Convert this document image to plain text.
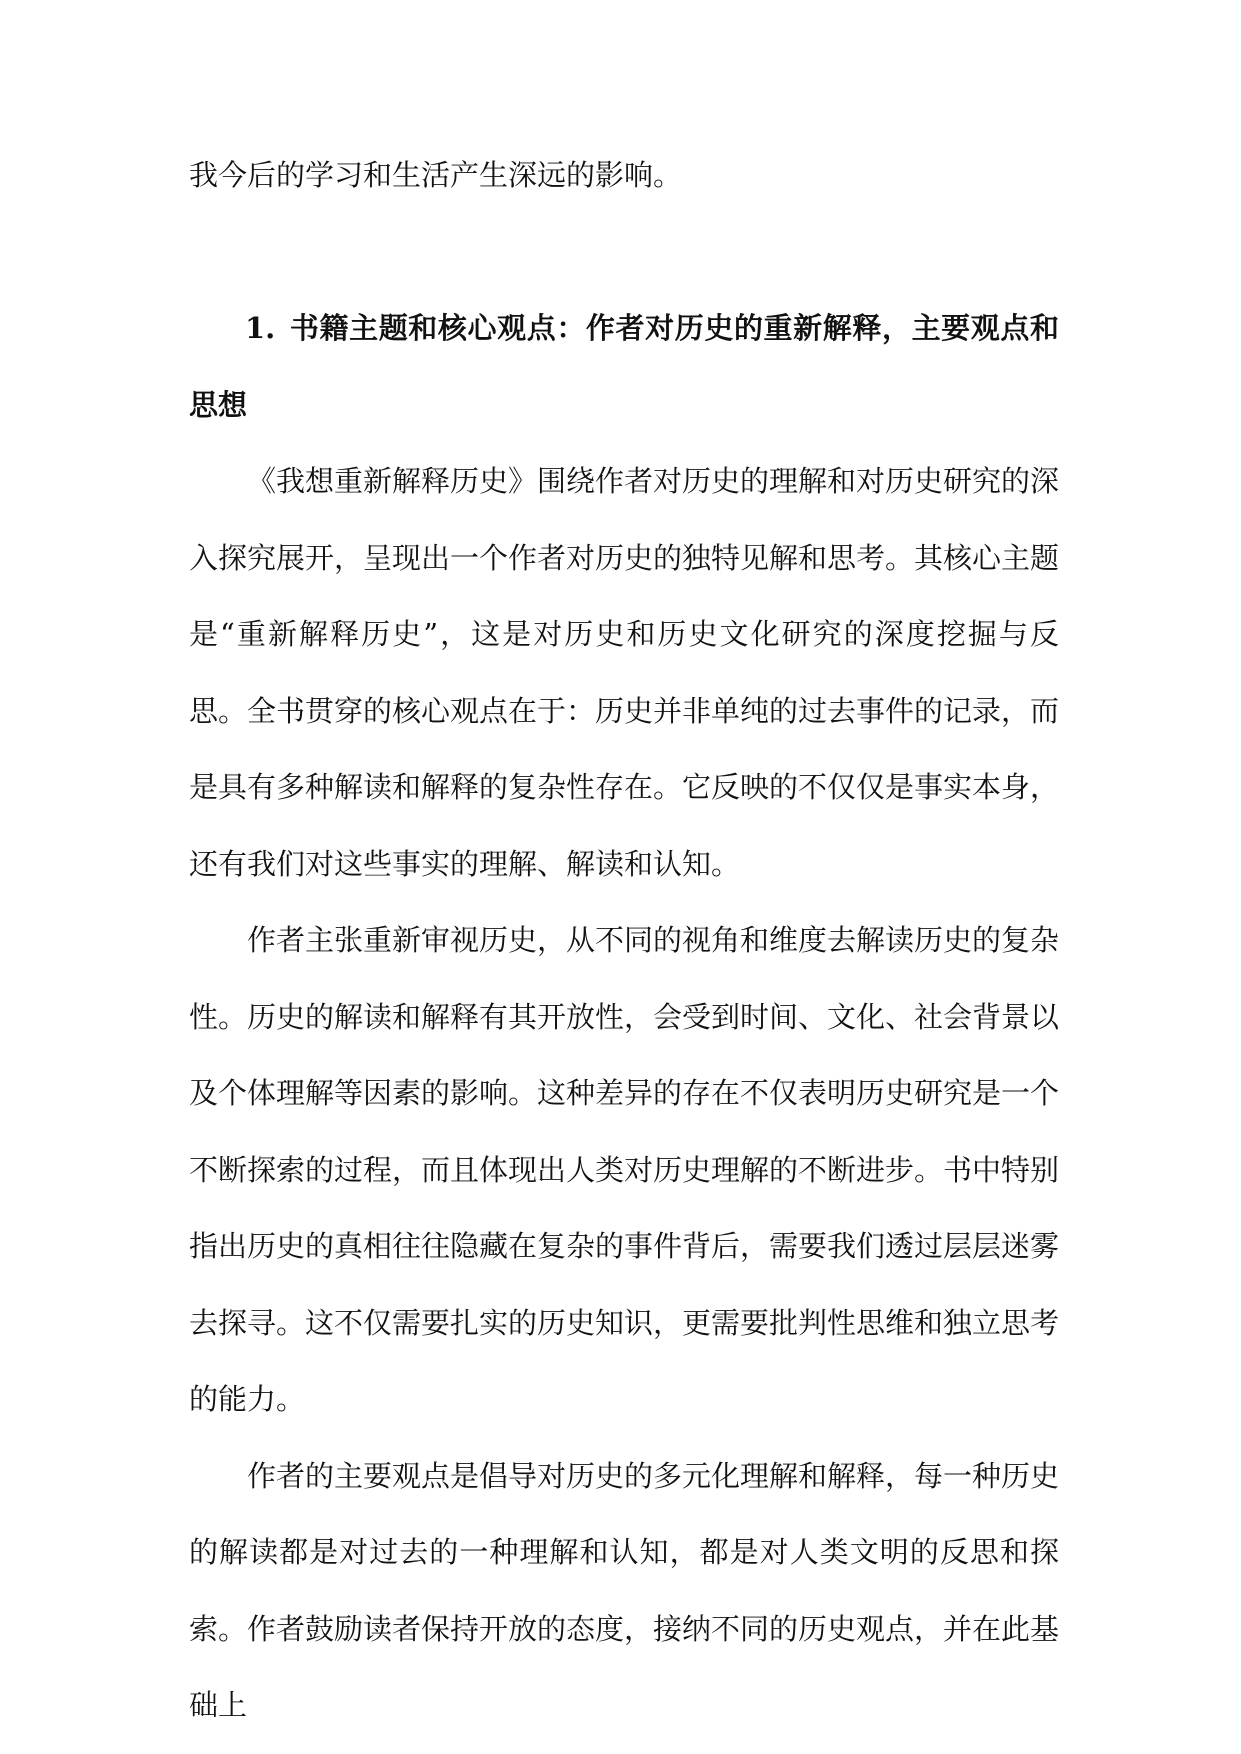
我今后的学习和生活产生深远的影响。

1. 书籍主题和核心观点：作者对历史的重新解释，主要观点和思想

《我想重新解释历史》围绕作者对历史的理解和对历史研究的深入探究展开，呈现出一个作者对历史的独特见解和思考。其核心主题是“重新解释历史”，这是对历史和历史文化研究的深度挖掘与反思。全书贯穿的核心观点在于：历史并非单纯的过去事件的记录，而是具有多种解读和解释的复杂性存在。它反映的不仅仅是事实本身，还有我们对这些事实的理解、解读和认知。

作者主张重新审视历史，从不同的视角和维度去解读历史的复杂性。历史的解读和解释有其开放性，会受到时间、文化、社会背景以及个体理解等因素的影响。这种差异的存在不仅表明历史研究是一个不断探索的过程，而且体现出人类对历史理解的不断进步。书中特别指出历史的真相往往隐藏在复杂的事件背后，需要我们透过层层迷雾去探寻。这不仅需要扎实的历史知识，更需要批判性思维和独立思考的能力。

作者的主要观点是倡导对历史的多元化理解和解释，每一种历史的解读都是对过去的一种理解和认知，都是对人类文明的反思和探索。作者鼓励读者保持开放的态度，接纳不同的历史观点，并在此基础上
